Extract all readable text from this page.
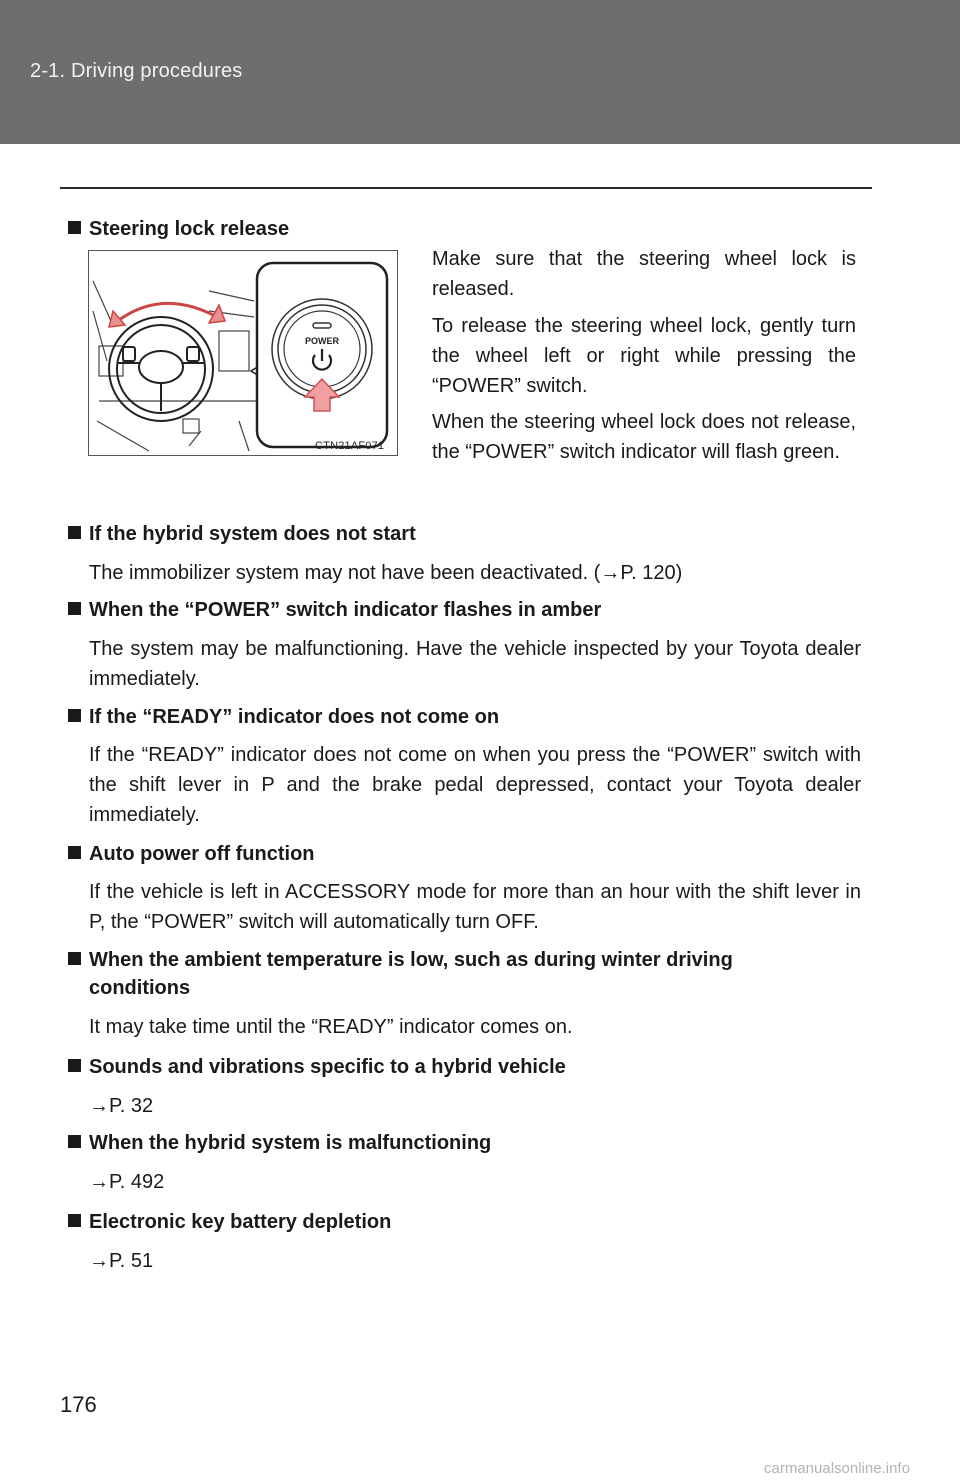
2-1. Driving procedures
Steering lock release
POWER
CTN21AF071

Make sure that the steering wheel lock is released.

To release the steering wheel lock, gently turn the wheel left or right while pressing the “POWER” switch.

When the steering wheel lock does not release, the “POWER” switch indicator will flash green.

If the hybrid system does not start
The immobilizer system may not have been deactivated. (→P. 120)
When the “POWER” switch indicator flashes in amber
The system may be malfunctioning. Have the vehicle inspected by your Toyota dealer immediately.
If the “READY” indicator does not come on
If the “READY” indicator does not come on when you press the “POWER” switch with the shift lever in P and the brake pedal depressed, contact your Toyota dealer immediately.
Auto power off function
If the vehicle is left in ACCESSORY mode for more than an hour with the shift lever in P, the “POWER” switch will automatically turn OFF.
When the ambient temperature is low, such as during winter driving
conditions
It may take time until the “READY” indicator comes on.
Sounds and vibrations specific to a hybrid vehicle
→P. 32
When the hybrid system is malfunctioning
→P. 492
Electronic key battery depletion
→P. 51
176
carmanualsonline.info
